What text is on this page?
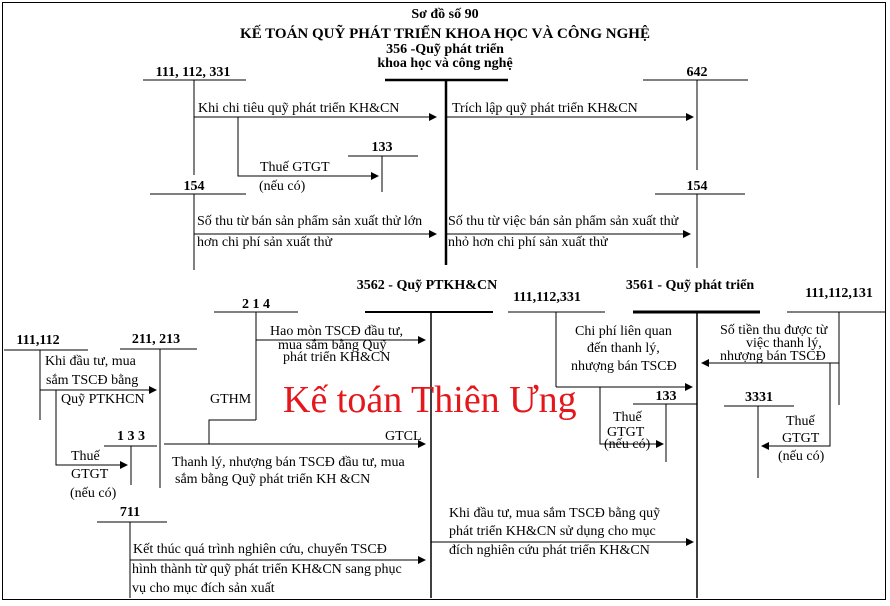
Sơ đồ số 90
KẾ TOÁN QUỸ PHÁT TRIỂN KHOA HỌC VÀ CÔNG NGHỆ
356 -Quỹ phát triển
khoa học và công nghệ
111, 112, 331	642
133
154	154
Khi chi tiêu quỹ phát triển KH&CN
Thuế GTGT
(nếu có)
Trích lập quỹ phát triển KH&CN
Số thu từ bán sản phẩm sản xuất thử lớn
hơn chi phí sản xuất thử
Số thu từ việc bán sản phẩm sản xuất thử
nhỏ hơn chi phí sản xuất thử
3562 - Quỹ PTKH&CN	3561 - Quỹ phát triển
2 1 4	111,112,331	111,112,131
111,112	211, 213
1 3 3
133	3331
711
Hao mòn TSCĐ đầu tư,
mua sắm bằng Quỹ
phát triển KH&CN
Chi phí liên quan
đến thanh lý,
nhượng bán TSCĐ
Số tiền thu được từ
việc thanh lý,
nhượng bán TSCĐ
Khi đầu tư, mua
sắm TSCĐ bằng
Quỹ PTKHCN
Thuế
GTGT
(nếu có)
GTHM
GTCL
Thanh lý, nhượng bán TSCĐ đầu tư, mua
sắm bằng Quỹ phát triển KH &CN
Thuế
GTGT
(nếu có)
Thuế
GTGT
(nếu có)
Kết thúc quá trình nghiên cứu, chuyển TSCĐ
hình thành từ quỹ phát triển KH&CN sang phục
vụ cho mục đích sản xuất
Khi đầu tư, mua sắm TSCĐ bằng quỹ
phát triển KH&CN sử dụng cho mục
đích nghiên cứu phát triển KH&CN
Kế toán Thiên Ưng
